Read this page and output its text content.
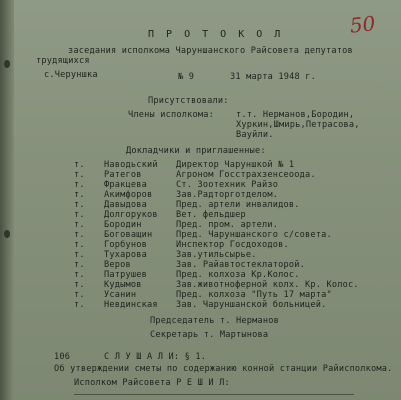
50
П Р О Т О К О Л
заседания исполкома Чаруншанского Райсовета депутатов
трудящихся
с.Черуншка	№ 9	31 марта 1948 г.
Присутствовали:
Члены исполкома:	т.т. Нерманов,Бородин,
Хуркин,Шмирь,Петрасова,
Вауйли.
Докладчики и приглашенные:
т. Наводьский Директор Чаруншкой № 1
т. Ратегов	Агроном Госстрахзенсеоода.
т. Фракцева	Ст. Зоотехник Райзо
т. Акимфоров	Зав.Радторготделом.
т. Давыдова	Пред. артели инвалидов.
т. Долгоруков Вет. фельдшер
т. Бородин	Пред. пром. артели.
т. Боговащин	Пред. Чаруншанского с/совета.
т. Горбунов	Инспектор Госдоходов.
т. Тухарова	Зав.утильсырье.
т. Веров	Зав. Райавтостеклаторой.
т. Патрушев	Пред. колхоза Кр.Колос.
т. Кудымов	Зав.животноферной колх. Кр. Колос.
т. Усанин	Пред. колхоза "Путь 17 марта"
т. Невдинская Зав. Чаруншанской больницей.
Председатель т. Нерманов
Секретарь т. Мартынова
106	С Л У Ш А Л И: § 1.
Об утверждении сметы по содержанию конной станции Райисполкома.
Исполком Райсовета Р Е Ш И Л:
